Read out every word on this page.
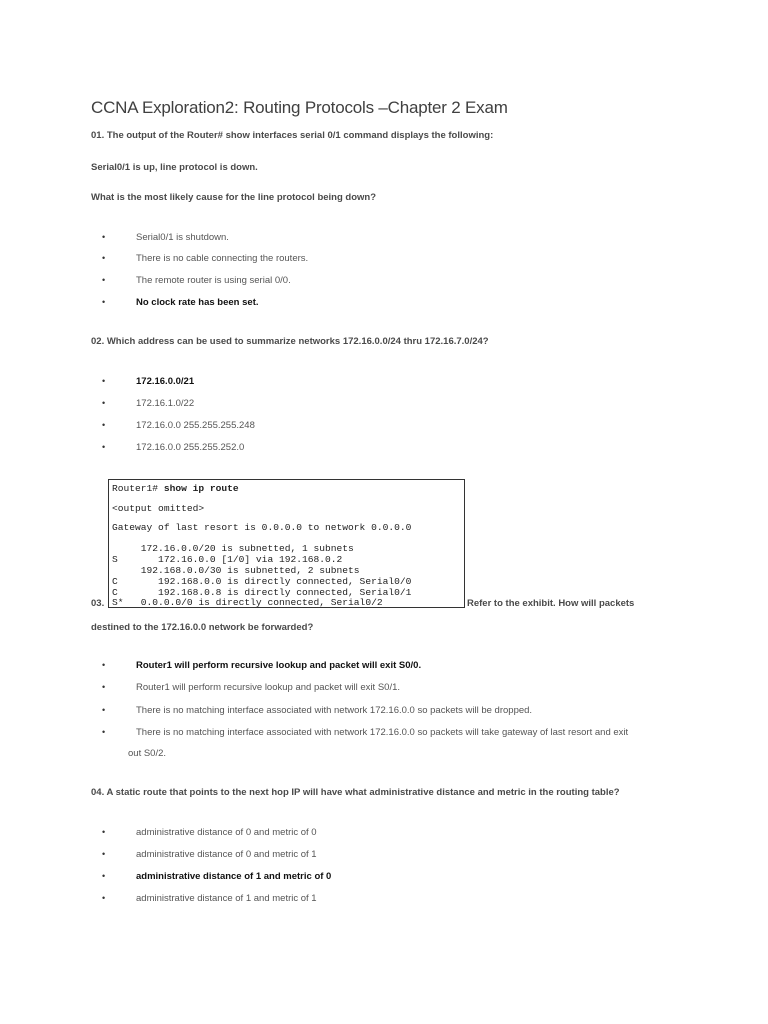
CCNA Exploration2: Routing Protocols –Chapter 2 Exam
01. The output of the Router# show interfaces serial 0/1 command displays the following:
Serial0/1 is up, line protocol is down.
What is the most likely cause for the line protocol being down?
•	Serial0/1 is shutdown.
•	There is no cable connecting the routers.
•	The remote router is using serial 0/0.
•	No clock rate has been set.
02. Which address can be used to summarize networks 172.16.0.0/24 thru 172.16.7.0/24?
•	172.16.0.0/21
•	172.16.1.0/22
•	172.16.0.0 255.255.255.248
•	172.16.0.0 255.255.252.0
Router1# show ip route
<output omitted>
Gateway of last resort is 0.0.0.0 to network 0.0.0.0
172.16.0.0/20 is subnetted, 1 subnets
S       172.16.0.0 [1/0] via 192.168.0.2
192.168.0.0/30 is subnetted, 2 subnets
C       192.168.0.0 is directly connected, Serial0/0
C       192.168.0.8 is directly connected, Serial0/1
S*   0.0.0.0/0 is directly connected, Serial0/2
03.	Refer to the exhibit. How will packets
destined to the 172.16.0.0 network be forwarded?
•	Router1 will perform recursive lookup and packet will exit S0/0.
•	Router1 will perform recursive lookup and packet will exit S0/1.
•	There is no matching interface associated with network 172.16.0.0 so packets will be dropped.
•	There is no matching interface associated with network 172.16.0.0 so packets will take gateway of last resort and exit
out S0/2.
04. A static route that points to the next hop IP will have what administrative distance and metric in the routing table?
•	administrative distance of 0 and metric of 0
•	administrative distance of 0 and metric of 1
•	administrative distance of 1 and metric of 0
•	administrative distance of 1 and metric of 1
